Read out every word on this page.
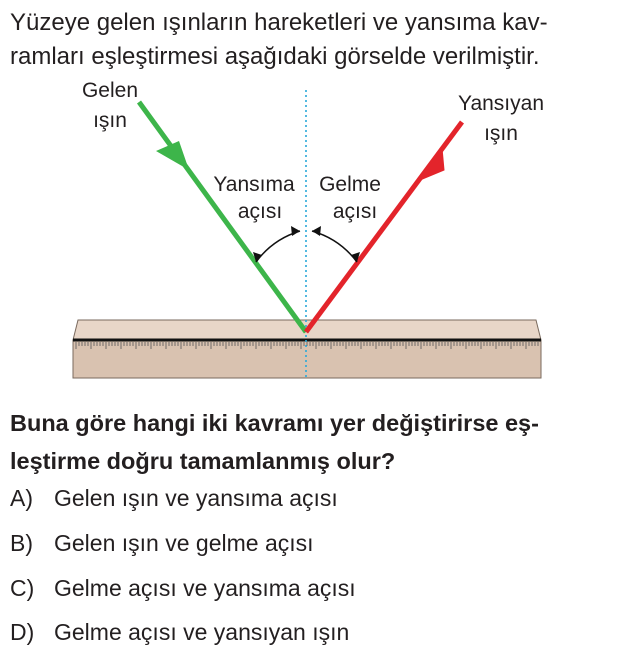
Yüzeye gelen ışınların hareketleri ve yansıma kav-
ramları eşleştirmesi aşağıdaki görselde verilmiştir.
Gelen
ışın
Yansıyan
ışın
Yansıma
açısı
Gelme
açısı
Buna göre hangi iki kavramı yer değiştirirse eş-
leştirme doğru tamamlanmış olur?
A) Gelen ışın ve yansıma açısı
B) Gelen ışın ve gelme açısı
C) Gelme açısı ve yansıma açısı
D) Gelme açısı ve yansıyan ışın
